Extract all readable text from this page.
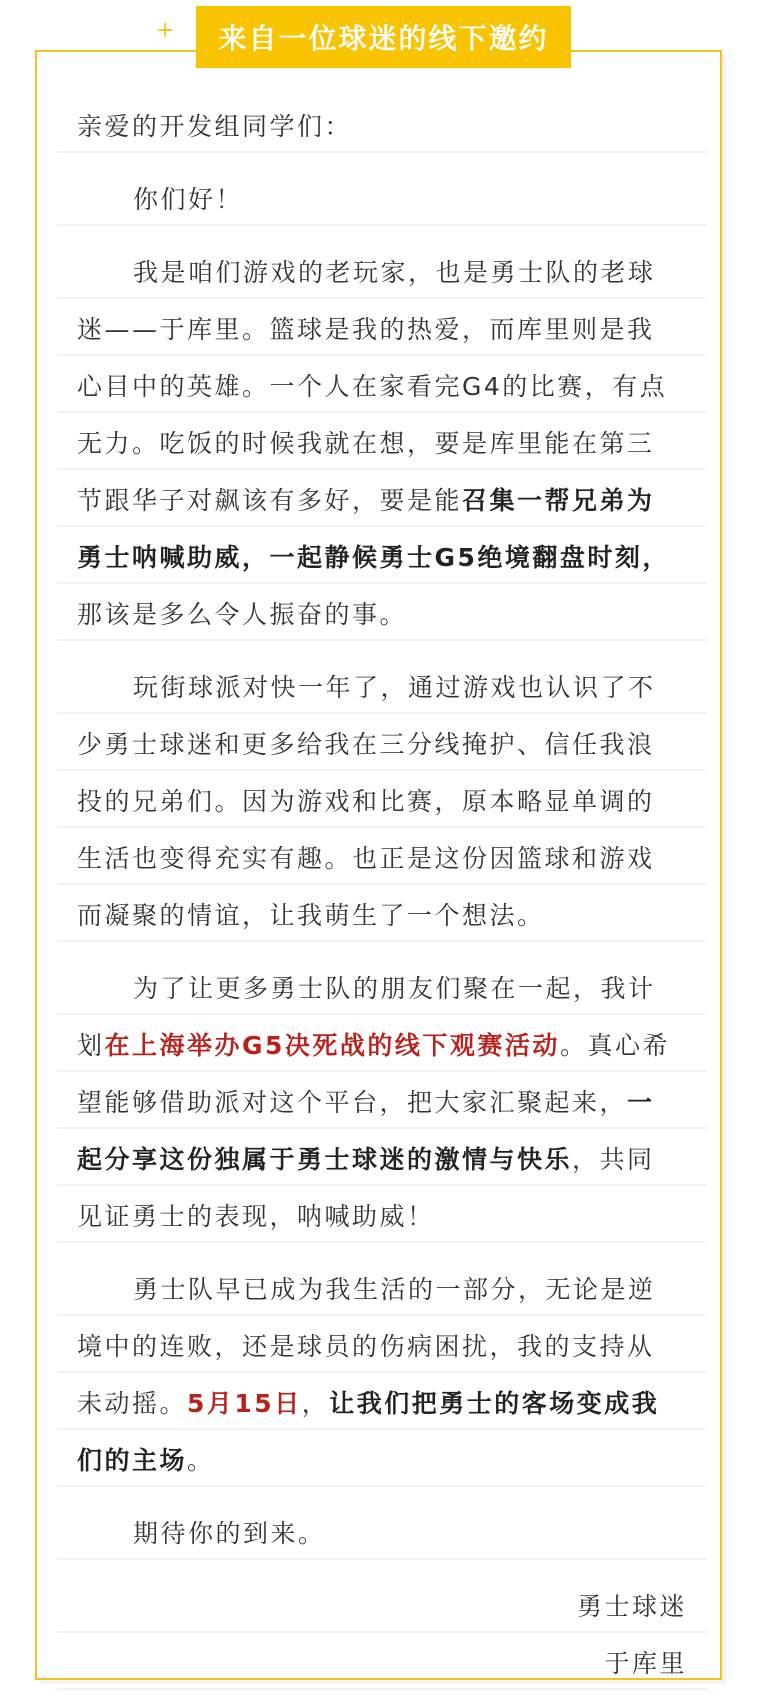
+ 来自一位球迷的线下邀约
亲爱的开发组同学们：
你们好！
我是咱们游戏的老玩家，也是勇士队的老球
迷——于库里。篮球是我的热爱，而库里则是我
心目中的英雄。一个人在家看完G4的比赛，有点
无力。吃饭的时候我就在想，要是库里能在第三
节跟华子对飙该有多好，要是能 召集一帮兄弟为
勇士呐喊助威，一起静候勇士G5绝境翻盘时刻，
那该是多么令人振奋的事。
玩街球派对快一年了，通过游戏也认识了不
少勇士球迷和更多给我在三分线掩护、信任我浪
投的兄弟们。因为游戏和比赛，原本略显单调的
生活也变得充实有趣。也正是这份因篮球和游戏
而凝聚的情谊，让我萌生了一个想法。
为了让更多勇士队的朋友们聚在一起，我计
划 在上海举办G5决死战的线下观赛活动 。真心希
望能够借助派对这个平台，把大家汇聚起来， 一
起分享这份独属于勇士球迷的激情与快乐 ，共同
见证勇士的表现，呐喊助威！
勇士队早已成为我生活的一部分，无论是逆
境中的连败，还是球员的伤病困扰，我的支持从
未动摇。 5月15日 ， 让我们把勇士的客场变成我
们的主场 。
期待你的到来。
勇士球迷
于库里
